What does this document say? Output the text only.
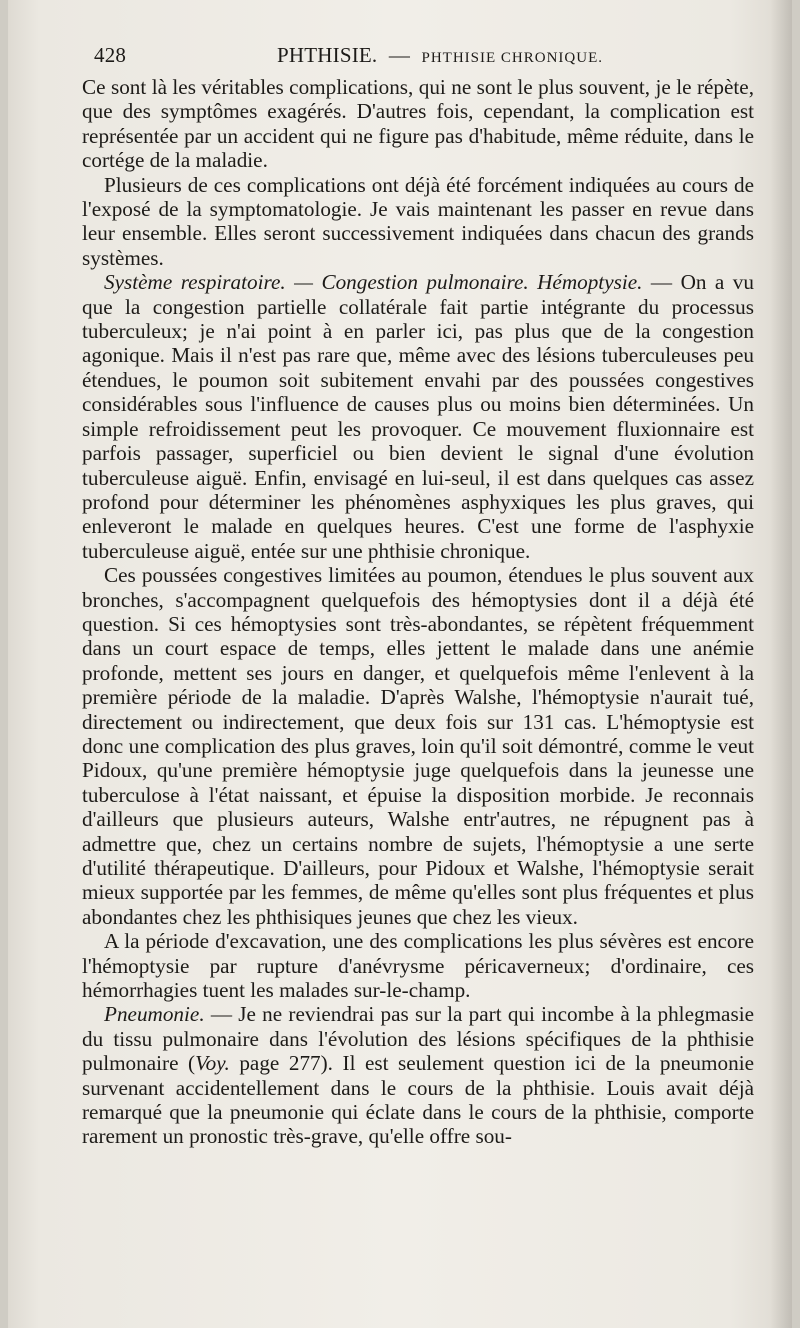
428	PHTHISIE. — PHTHISIE CHRONIQUE.

Ce sont là les véritables complications, qui ne sont le plus souvent, je le répète, que des symptômes exagérés. D'autres fois, cependant, la complication est représentée par un accident qui ne figure pas d'habitude, même réduite, dans le cortége de la maladie.

Plusieurs de ces complications ont déjà été forcément indiquées au cours de l'exposé de la symptomatologie. Je vais maintenant les passer en revue dans leur ensemble. Elles seront successivement indiquées dans chacun des grands systèmes.

Système respiratoire. — Congestion pulmonaire. Hémoptysie. — On a vu que la congestion partielle collatérale fait partie intégrante du processus tuberculeux; je n'ai point à en parler ici, pas plus que de la congestion agonique. Mais il n'est pas rare que, même avec des lésions tuberculeuses peu étendues, le poumon soit subitement envahi par des poussées congestives considérables sous l'influence de causes plus ou moins bien déterminées. Un simple refroidissement peut les provoquer. Ce mouvement fluxionnaire est parfois passager, superficiel ou bien devient le signal d'une évolution tuberculeuse aiguë. Enfin, envisagé en lui-seul, il est dans quelques cas assez profond pour déterminer les phénomènes asphyxiques les plus graves, qui enleveront le malade en quelques heures. C'est une forme de l'asphyxie tuberculeuse aiguë, entée sur une phthisie chronique.

Ces poussées congestives limitées au poumon, étendues le plus souvent aux bronches, s'accompagnent quelquefois des hémoptysies dont il a déjà été question. Si ces hémoptysies sont très-abondantes, se répètent fréquemment dans un court espace de temps, elles jettent le malade dans une anémie profonde, mettent ses jours en danger, et quelquefois même l'enlevent à la première période de la maladie. D'après Walshe, l'hémoptysie n'aurait tué, directement ou indirectement, que deux fois sur 131 cas. L'hémoptysie est donc une complication des plus graves, loin qu'il soit démontré, comme le veut Pidoux, qu'une première hémoptysie juge quelquefois dans la jeunesse une tuberculose à l'état naissant, et épuise la disposition morbide. Je reconnais d'ailleurs que plusieurs auteurs, Walshe entr'autres, ne répugnent pas à admettre que, chez un certains nombre de sujets, l'hémoptysie a une serte d'utilité thérapeutique. D'ailleurs, pour Pidoux et Walshe, l'hémoptysie serait mieux supportée par les femmes, de même qu'elles sont plus fréquentes et plus abondantes chez les phthisiques jeunes que chez les vieux.

A la période d'excavation, une des complications les plus sévères est encore l'hémoptysie par rupture d'anévrysme péricaverneux; d'ordinaire, ces hémorrhagies tuent les malades sur-le-champ.

Pneumonie. — Je ne reviendrai pas sur la part qui incombe à la phlegmasie du tissu pulmonaire dans l'évolution des lésions spécifiques de la phthisie pulmonaire (Voy. page 277). Il est seulement question ici de la pneumonie survenant accidentellement dans le cours de la phthisie. Louis avait déjà remarqué que la pneumonie qui éclate dans le cours de la phthisie, comporte rarement un pronostic très-grave, qu'elle offre sou-
